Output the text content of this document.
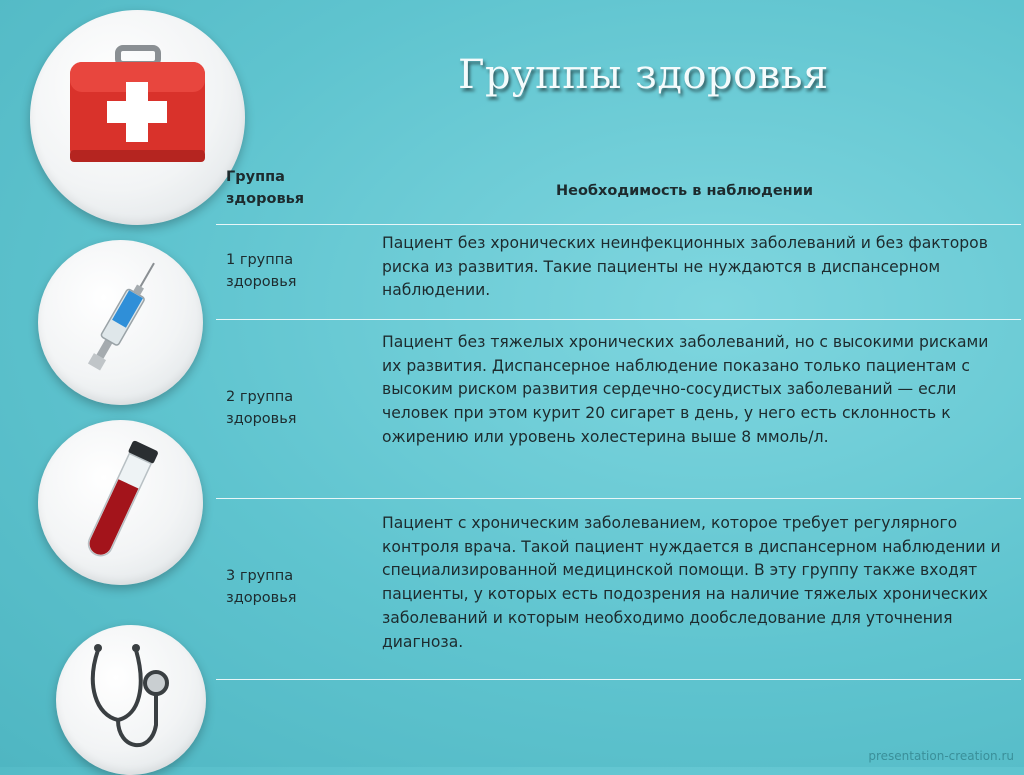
Группы здоровья
Группа здоровья	Необходимость в наблюдении
1 группа здоровья
Пациент без хронических неинфекционных заболеваний и без факторов риска из развития. Такие пациенты не нуждаются в диспансерном наблюдении.
2 группа здоровья
Пациент без тяжелых хронических заболеваний, но с высокими рисками их развития. Диспансерное наблюдение показано только пациентам с высоким риском развития сердечно-сосудистых заболеваний — если человек при этом курит 20 сигарет в день, у него есть склонность к ожирению или уровень холестерина выше 8 ммоль/л.
3 группа здоровья
Пациент с хроническим заболеванием, которое требует регулярного контроля врача. Такой пациент нуждается в диспансерном наблюдении и специализированной медицинской помощи. В эту группу также входят пациенты, у которых есть подозрения на наличие тяжелых хронических заболеваний и которым необходимо дообследование для уточнения диагноза.
presentation-creation.ru
